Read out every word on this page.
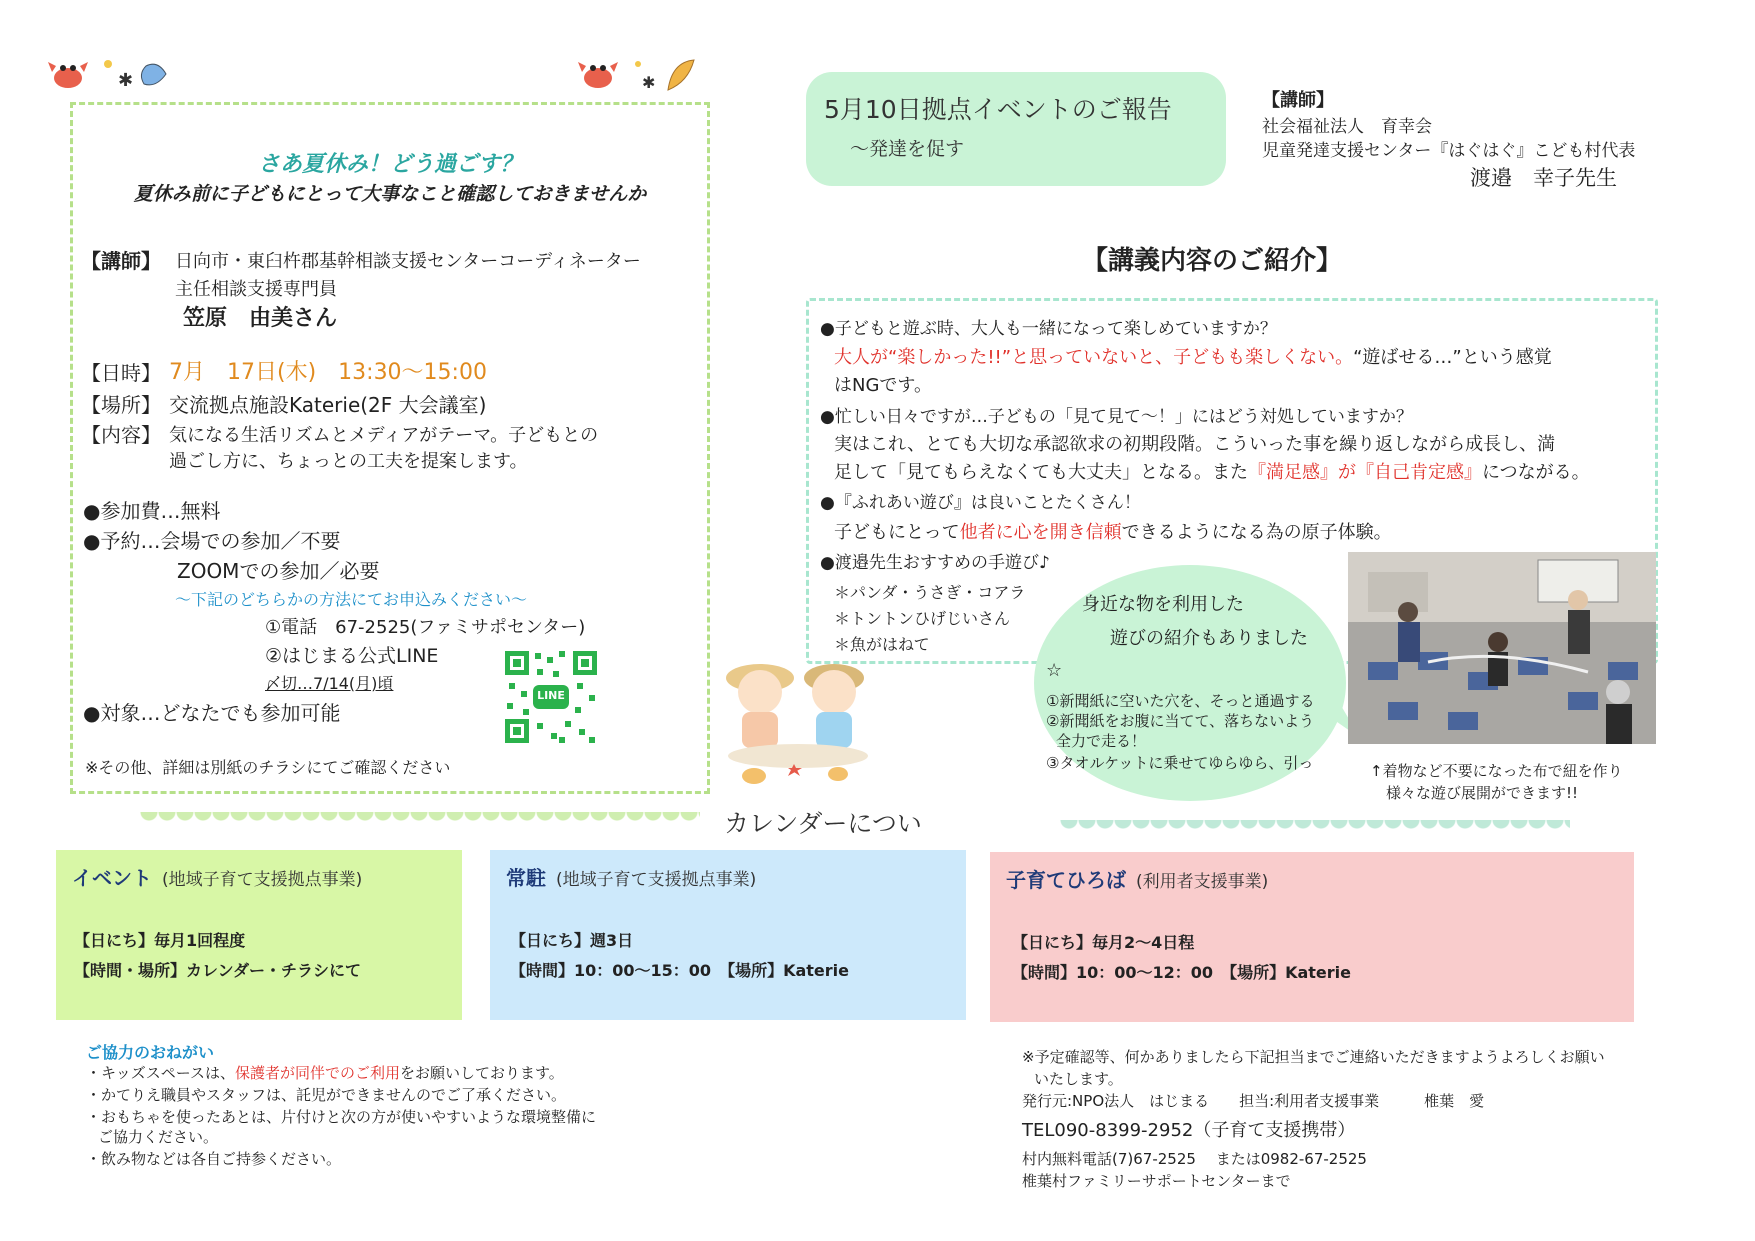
✱	✱
さあ夏休み！どう過ごす？
夏休み前に子どもにとって大事なこと確認しておきませんか
【講師】 日向市・東臼杵郡基幹相談支援センターコーディネーター
主任相談支援専門員
笠原　由美さん
【日時】 7月　17日(木)　13:30～15:00
【場所】 交流拠点施設Katerie(2F 大会議室)
【内容】 気になる生活リズムとメディアがテーマ。子どもとの
過ごし方に、ちょっとの工夫を提案します。
●参加費…無料
●予約…会場での参加／不要
ZOOMでの参加／必要
～下記のどちらかの方法にてお申込みください～
①電話　67-2525(ファミサポセンター)
②はじまる公式LINE
〆切…7/14(月)頃
●対象…どなたでも参加可能
※その他、詳細は別紙のチラシにてご確認ください
LINE
5月10日拠点イベントのご報告
～発達を促す
【講師】
社会福祉法人　育幸会
児童発達支援センター『はぐはぐ』こども村代表
渡邉　幸子先生
【講義内容のご紹介】
●子どもと遊ぶ時、大人も一緒になって楽しめていますか？
大人が“楽しかった!!”と思っていないと、子どもも楽しくない。“遊ばせる…”という感覚
はNGです。
●忙しい日々ですが…子どもの「見て見て～！」にはどう対処していますか？
実はこれ、とても大切な承認欲求の初期段階。こういった事を繰り返しながら成長し、満
足して「見てもらえなくても大丈夫」となる。また『満足感』が『自己肯定感』につながる。
●『ふれあい遊び』は良いことたくさん！
子どもにとって他者に心を開き信頼できるようになる為の原子体験。
●渡邉先生おすすめの手遊び♪
＊パンダ・うさぎ・コアラ
＊トントンひげじいさん
＊魚がはねて
身近な物を利用した
遊びの紹介もありました
☆
①新聞紙に空いた穴を、そっと通過する
②新聞紙をお腹に当てて、落ちないよう
全力で走る！
③タオルケットに乗せてゆらゆら、引っ	↑着物など不要になった布で紐を作り
様々な遊び展開ができます!!
カレンダーについ
イベント (地域子育て支援拠点事業)
【日にち】毎月1回程度
【時間・場所】カレンダー・チラシにて
常駐 (地域子育て支援拠点事業)
【日にち】週3日
【時間】10：00～15：00　【場所】Katerie
子育てひろば (利用者支援事業)
【日にち】毎月2～4日程
【時間】10：00～12：00　【場所】Katerie
ご協力のおねがい
・キッズスペースは、保護者が同伴でのご利用をお願いしております。
・かてりえ職員やスタッフは、託児ができませんのでご了承ください。
・おもちゃを使ったあとは、片付けと次の方が使いやすいような環境整備に
ご協力ください。
・飲み物などは各自ご持参ください。
※予定確認等、何かありましたら下記担当までご連絡いただきますようよろしくお願い
いたします。
発行元:NPO法人　はじまる　　担当:利用者支援事業　　　椎葉　愛
TEL090-8399-2952（子育て支援携帯）
村内無料電話(7)67-2525　 または0982-67-2525
椎葉村ファミリーサポートセンターまで
